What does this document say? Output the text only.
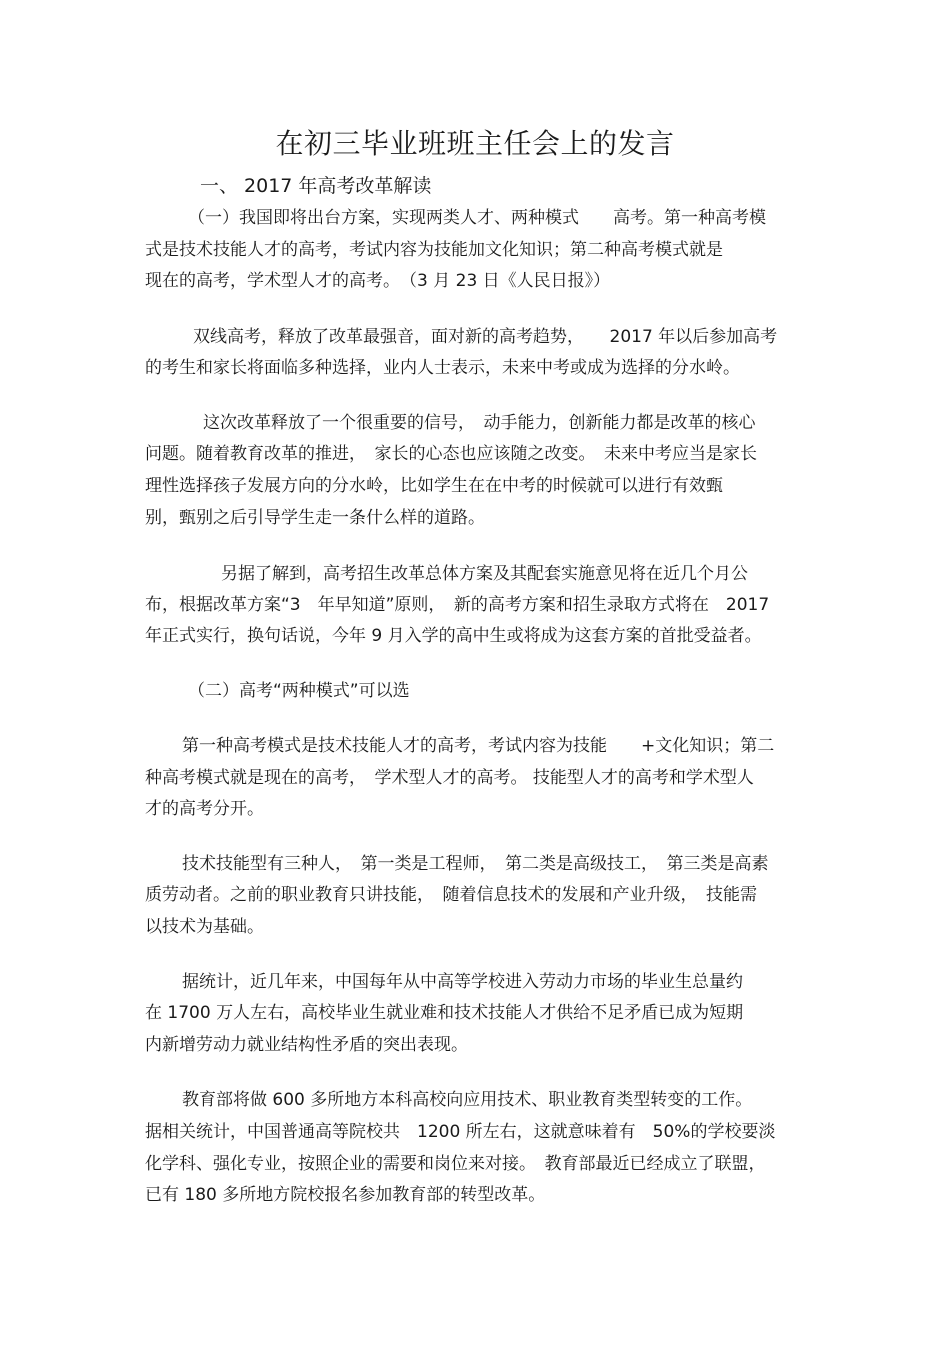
在初三毕业班班主任会上的发言
一、 2017 年高考改革解读
（一）我国即将出台方案，实现两类人才、两种模式　　高考。第一种高考模
式是技术技能人才的高考，考试内容为技能加文化知识；第二种高考模式就是
现在的高考，学术型人才的高考。　（3 月 23 日《人民日报》）
双线高考，释放了改革最强音，面对新的高考趋势，　　2017 年以后参加高考
的考生和家长将面临多种选择，业内人士表示，未来中考或成为选择的分水岭。
这次改革释放了一个很重要的信号，　动手能力，创新能力都是改革的核心
问题。随着教育改革的推进，　家长的心态也应该随之改变。　未来中考应当是家长
理性选择孩子发展方向的分水岭，比如学生在在中考的时候就可以进行有效甄
别，甄别之后引导学生走一条什么样的道路。
另据了解到，高考招生改革总体方案及其配套实施意见将在近几个月公
布，根据改革方案“3　年早知道”原则，　新的高考方案和招生录取方式将在　2017
年正式实行，换句话说，今年 9 月入学的高中生或将成为这套方案的首批受益者。
（二）高考“两种模式”可以选
第一种高考模式是技术技能人才的高考，考试内容为技能　　+文化知识；第二
种高考模式就是现在的高考，　学术型人才的高考。 技能型人才的高考和学术型人
才的高考分开。
技术技能型有三种人，　第一类是工程师，　第二类是高级技工，　第三类是高素
质劳动者。之前的职业教育只讲技能，　随着信息技术的发展和产业升级，　技能需
以技术为基础。
据统计，近几年来，中国每年从中高等学校进入劳动力市场的毕业生总量约
在 1700 万人左右，高校毕业生就业难和技术技能人才供给不足矛盾已成为短期
内新增劳动力就业结构性矛盾的突出表现。
教育部将做 600 多所地方本科高校向应用技术、职业教育类型转变的工作。
据相关统计，中国普通高等院校共　1200 所左右，这就意味着有　50%的学校要淡
化学科、强化专业，按照企业的需要和岗位来对接。　教育部最近已经成立了联盟，
已有 180 多所地方院校报名参加教育部的转型改革。
